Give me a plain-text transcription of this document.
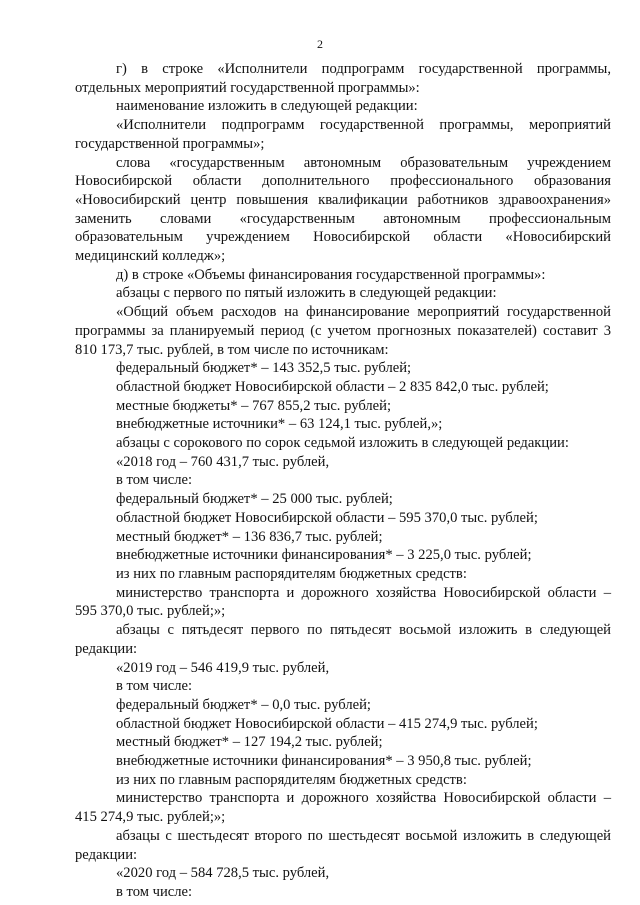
2

г) в строке «Исполнители подпрограмм государственной программы, отдельных мероприятий государственной программы»:

наименование изложить в следующей редакции:

«Исполнители подпрограмм государственной программы, мероприятий государственной программы»;

слова «государственным автономным образовательным учреждением Новосибирской области дополнительного профессионального образования «Новосибирский центр повышения квалификации работников здравоохранения» заменить словами «государственным автономным профессиональным образовательным учреждением Новосибирской области «Новосибирский медицинский колледж»;

д) в строке «Объемы финансирования государственной программы»:

абзацы с первого по пятый изложить в следующей редакции:

«Общий объем расходов на финансирование мероприятий государственной программы за планируемый период (с учетом прогнозных показателей) составит 3 810 173,7 тыс. рублей, в том числе по источникам:

федеральный бюджет* – 143 352,5 тыс. рублей;

областной бюджет Новосибирской области – 2 835 842,0 тыс. рублей;

местные бюджеты* – 767 855,2 тыс. рублей;

внебюджетные источники* – 63 124,1 тыс. рублей,»;

абзацы с сорокового по сорок седьмой изложить в следующей редакции:

«2018 год – 760 431,7 тыс. рублей,

в том числе:

федеральный бюджет* – 25 000 тыс. рублей;

областной бюджет Новосибирской области – 595 370,0 тыс. рублей;

местный бюджет* – 136 836,7 тыс. рублей;

внебюджетные источники финансирования* – 3 225,0 тыс. рублей;

из них по главным распорядителям бюджетных средств:

министерство транспорта и дорожного хозяйства Новосибирской области – 595 370,0 тыс. рублей;»;

абзацы с пятьдесят первого по пятьдесят восьмой изложить в следующей редакции:

«2019 год – 546 419,9 тыс. рублей,

в том числе:

федеральный бюджет* – 0,0 тыс. рублей;

областной бюджет Новосибирской области – 415 274,9 тыс. рублей;

местный бюджет* – 127 194,2 тыс. рублей;

внебюджетные источники финансирования* – 3 950,8 тыс. рублей;

из них по главным распорядителям бюджетных средств:

министерство транспорта и дорожного хозяйства Новосибирской области – 415 274,9 тыс. рублей;»;

абзацы с шестьдесят второго по шестьдесят восьмой изложить в следующей редакции:

«2020 год – 584 728,5 тыс. рублей,

в том числе:
